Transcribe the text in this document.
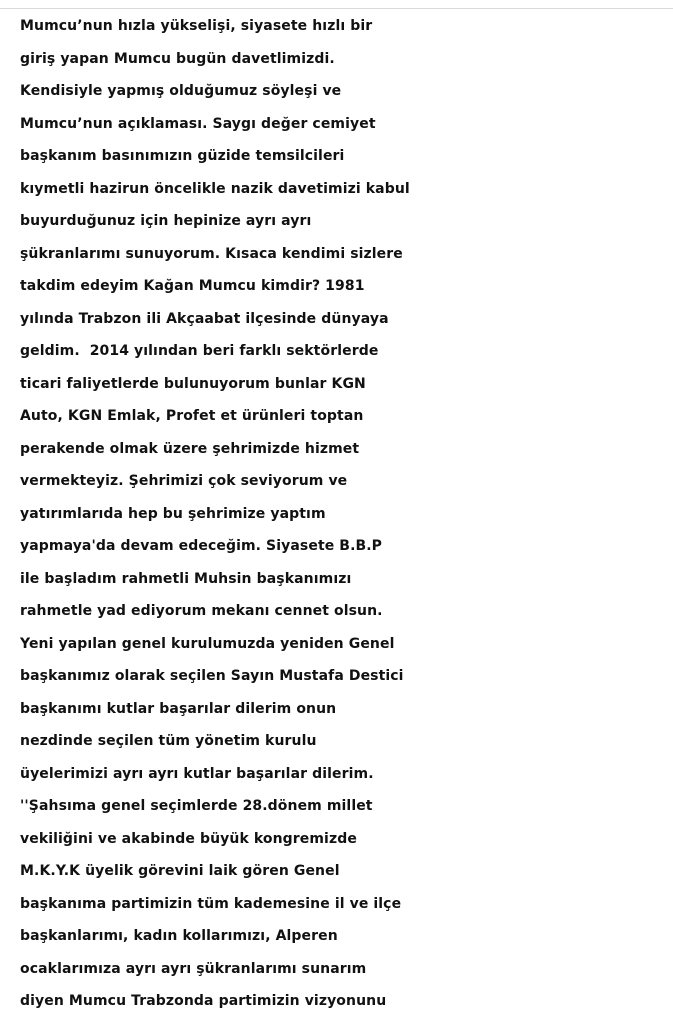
Mumcu’nun hızla yükselişi, siyasete hızlı bir
giriş yapan Mumcu bugün davetlimizdi.
Kendisiyle yapmış olduğumuz söyleşi ve
Mumcu’nun açıklaması. Saygı değer cemiyet
başkanım basınımızın güzide temsilcileri
kıymetli hazirun öncelikle nazik davetimizi kabul
buyurduğunuz için hepinize ayrı ayrı
şükranlarımı sunuyorum. Kısaca kendimi sizlere
takdim edeyim Kağan Mumcu kimdir? 1981
yılında Trabzon ili Akçaabat ilçesinde dünyaya
geldim.  2014 yılından beri farklı sektörlerde
ticari faliyetlerde bulunuyorum bunlar KGN
Auto, KGN Emlak, Profet et ürünleri toptan
perakende olmak üzere şehrimizde hizmet
vermekteyiz. Şehrimizi çok seviyorum ve
yatırımlarıda hep bu şehrimize yaptım
yapmaya'da devam edeceğim. Siyasete B.B.P
ile başladım rahmetli Muhsin başkanımızı
rahmetle yad ediyorum mekanı cennet olsun.
Yeni yapılan genel kurulumuzda yeniden Genel
başkanımız olarak seçilen Sayın Mustafa Destici
başkanımı kutlar başarılar dilerim onun
nezdinde seçilen tüm yönetim kurulu
üyelerimizi ayrı ayrı kutlar başarılar dilerim.
''Şahsıma genel seçimlerde 28.dönem millet
vekiliğini ve akabinde büyük kongremizde
M.K.Y.K üyelik görevini laik gören Genel
başkanıma partimizin tüm kademesine il ve ilçe
başkanlarımı, kadın kollarımızı, Alperen
ocaklarımıza ayrı ayrı şükranlarımı sunarım
diyen Mumcu Trabzonda partimizin vizyonunu
